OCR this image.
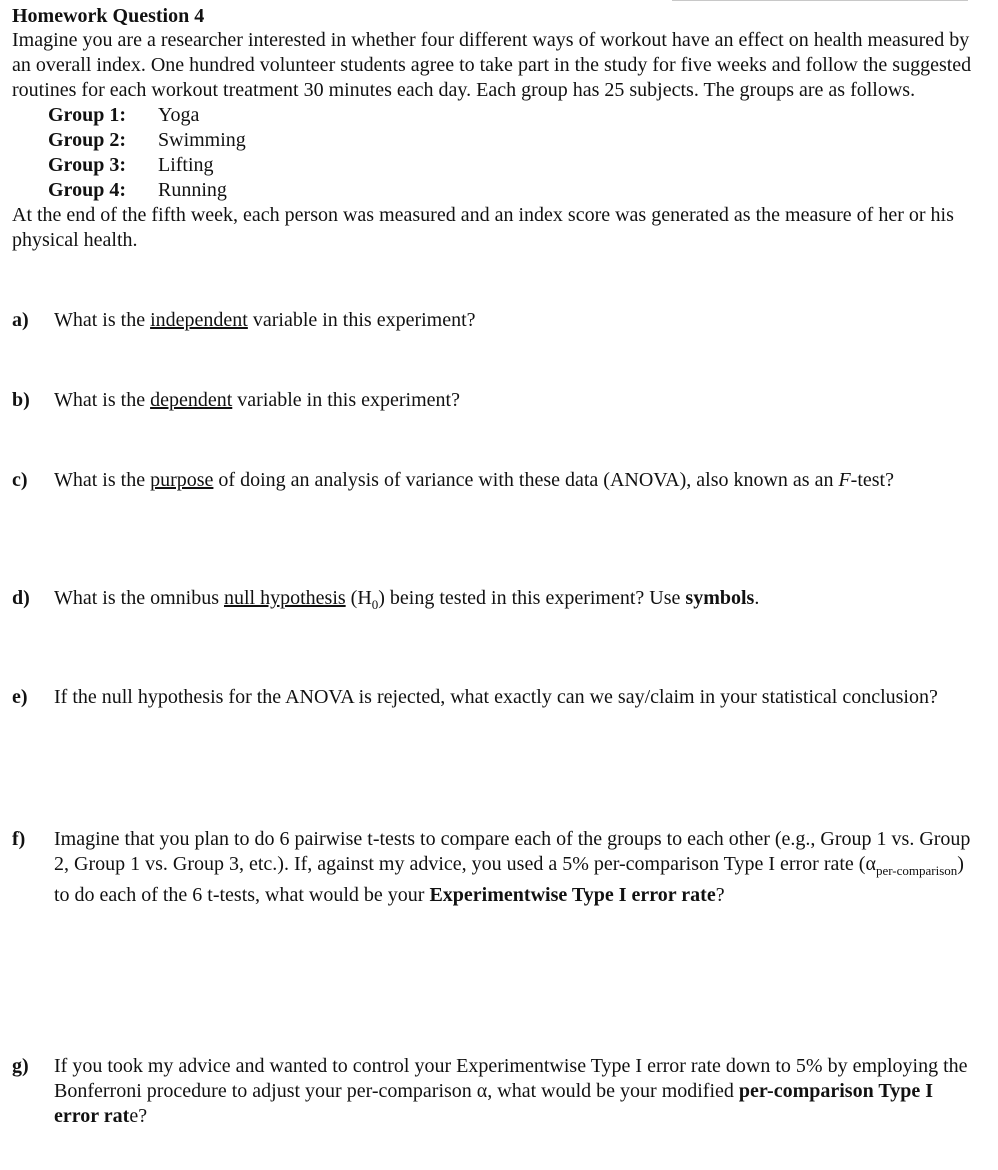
Homework Question 4

Imagine you are a researcher interested in whether four different ways of workout have an effect on health measured by an overall index. One hundred volunteer students agree to take part in the study for five weeks and follow the suggested routines for each workout treatment 30 minutes each day. Each group has 25 subjects. The groups are as follows.

Group 1:	Yoga
Group 2:	Swimming
Group 3:	Lifting
Group 4:	Running

At the end of the fifth week, each person was measured and an index score was generated as the measure of her or his physical health.

a)	What is the independent variable in this experiment?
b)	What is the dependent variable in this experiment?
c)	What is the purpose of doing an analysis of variance with these data (ANOVA), also known as an F-test?
d)	What is the omnibus null hypothesis $(H_0)$ being tested in this experiment? Use symbols.
e)	If the null hypothesis for the ANOVA is rejected, what exactly can we say/claim in your statistical conclusion?
f)	Imagine that you plan to do 6 pairwise t-tests to compare each of the groups to each other (e.g., Group 1 vs. Group 2, Group 1 vs. Group 3, etc.). If, against my advice, you used a 5% per-comparison Type I error rate $(\alpha_{per-comparison})$ to do each of the 6 t-tests, what would be your Experimentwise Type I error rate?
g)	If you took my advice and wanted to control your Experimentwise Type I error rate down to 5% by employing the Bonferroni procedure to adjust your per-comparison α, what would be your modified per-comparison Type I error rate?
